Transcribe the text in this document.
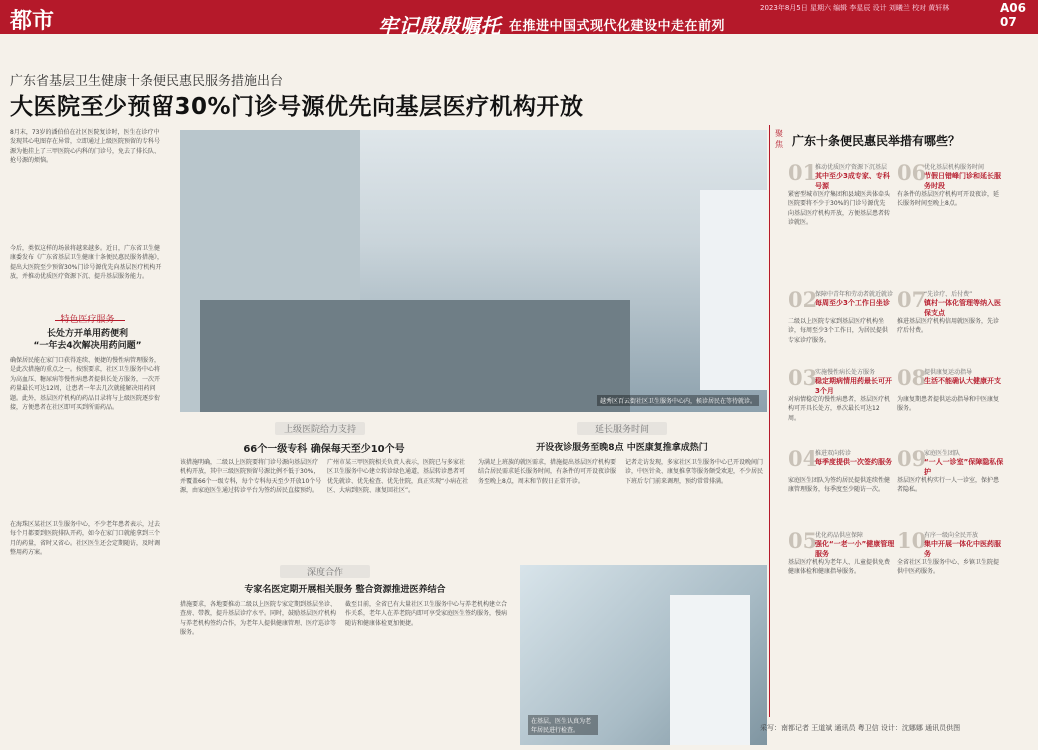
都市	牢记殷殷嘱托 在推进中国式现代化建设中走在前列
2023年8月5日 星期六 编辑 李星辰 设计 刘曦兰 校对 黄轩林	A06 07
广东省基层卫生健康十条便民惠民服务措施出台
大医院至少预留30%门诊号源优先向基层医疗机构开放
8月末，73岁的潘伯伯在社区医院复诊时，医生在诊疗中发现其心电图存在异常，立即通过上级医院预留的专科号源为他挂上了三甲医院心内科的门诊号，免去了排长队、抢号源的烦恼。
今后，类似这样的场景将越来越多。近日，广东省卫生健康委发布《广东省基层卫生健康十条便民惠民服务措施》，提出大医院至少预留30%门诊号源优先向基层医疗机构开放，并推动优质医疗资源下沉、提升基层服务能力。
特色医疗服务
长处方开单用药便利
“一年去4次解决用药问题”
确保居民能在家门口获得连续、便捷的慢性病管理服务，是此次措施的重点之一。按照要求，社区卫生服务中心将为高血压、糖尿病等慢性病患者提供长处方服务，一次开药量最长可达12周，让患者一年去几次就能解决用药问题。此外，基层医疗机构的药品目录将与上级医院逐步衔接，方便患者在社区即可买到所需药品。
在海珠区某社区卫生服务中心，不少老年患者表示，过去每个月都要到医院排队开药，如今在家门口就能拿到三个月的药量，省时又省心。社区医生还会定期随访，及时调整用药方案。
越秀区百云街社区卫生服务中心内，候诊居民在等待就诊。
上级医院给力支持
66个一级专科 确保每天至少10个号
该措施明确，二级以上医院要将门诊号源向基层医疗机构开放，其中三级医院预留号源比例不低于30%，并覆盖66个一级专科，每个专科每天至少开放10个号源，由家庭医生通过转诊平台为签约居民直接预约。
广州市某三甲医院相关负责人表示，医院已与多家社区卫生服务中心建立转诊绿色通道，基层转诊患者可优先就诊、优先检查、优先住院，真正实现“小病在社区、大病到医院、康复回社区”。
延长服务时间
开设夜诊服务至晚8点 中医康复推拿成热门
为满足上班族的就医需求，措施提出基层医疗机构要结合居民需求延长服务时间，有条件的可开设夜诊服务至晚上8点，周末和节假日正常开诊。
记者走访发现，多家社区卫生服务中心已开设晚间门诊，中医针灸、康复推拿等服务颇受欢迎，不少居民下班后专门前来调理，预约常常排满。
深度合作
专家名医定期开展相关服务 整合资源推进医养结合
措施要求，各地要推动二级以上医院专家定期到基层坐诊、查房、带教，提升基层诊疗水平。同时，鼓励基层医疗机构与养老机构签约合作，为老年人提供健康管理、医疗巡诊等服务。
截至目前，全省已有大量社区卫生服务中心与养老机构建立合作关系，老年人在养老院内即可享受家庭医生签约服务，慢病随访和健康体检更加便捷。
在基层，医生认真为老年居民进行检查。
聚焦 广东十条便民惠民举措有哪些？
01
推动优质医疗资源下沉基层
其中至少3成专家、专科号源
紧密型城市医疗集团和县域医共体牵头医院要将不少于30%的门诊号源优先向基层医疗机构开放，方便基层患者转诊就医。
02
保障中青年和劳动者就近就诊
每周至少3个工作日坐诊
二级以上医院专家到基层医疗机构坐诊，每周至少3个工作日，为居民提供专家诊疗服务。
03
实施慢性病长处方服务
稳定期病情用药最长可开3个月
对病情稳定的慢性病患者，基层医疗机构可开具长处方，单次最长可达12周。
04
推进双向转诊
每季度提供一次签约服务
家庭医生团队为签约居民提供连续性健康管理服务，每季度至少随访一次。
05
优化药品供应保障
强化“一老一小”健康管理服务
基层医疗机构为老年人、儿童提供免费健康体检和健康指导服务。
06
优化基层机构服务时间
节假日错峰门诊和延长服务时段
有条件的基层医疗机构可开设夜诊，延长服务时间至晚上8点。
07
“先诊疗、后付费”
镇村一体化管理等纳入医保支点
推进基层医疗机构信用就医服务，先诊疗后付费。
08
提供康复运动指导
生活不能确认大健康开支
为康复期患者提供运动指导和中医康复服务。
09
家庭医生团队
“一人一诊室”保障隐私保护
基层医疗机构实行一人一诊室，保护患者隐私。
10
有序一级向全民开放
集中开展一体化中医药服务
全省社区卫生服务中心、乡镇卫生院提供中医药服务。
采写：南都记者 王道斌 通讯员 粤卫信 设计：沈娜娜 通讯员供图
